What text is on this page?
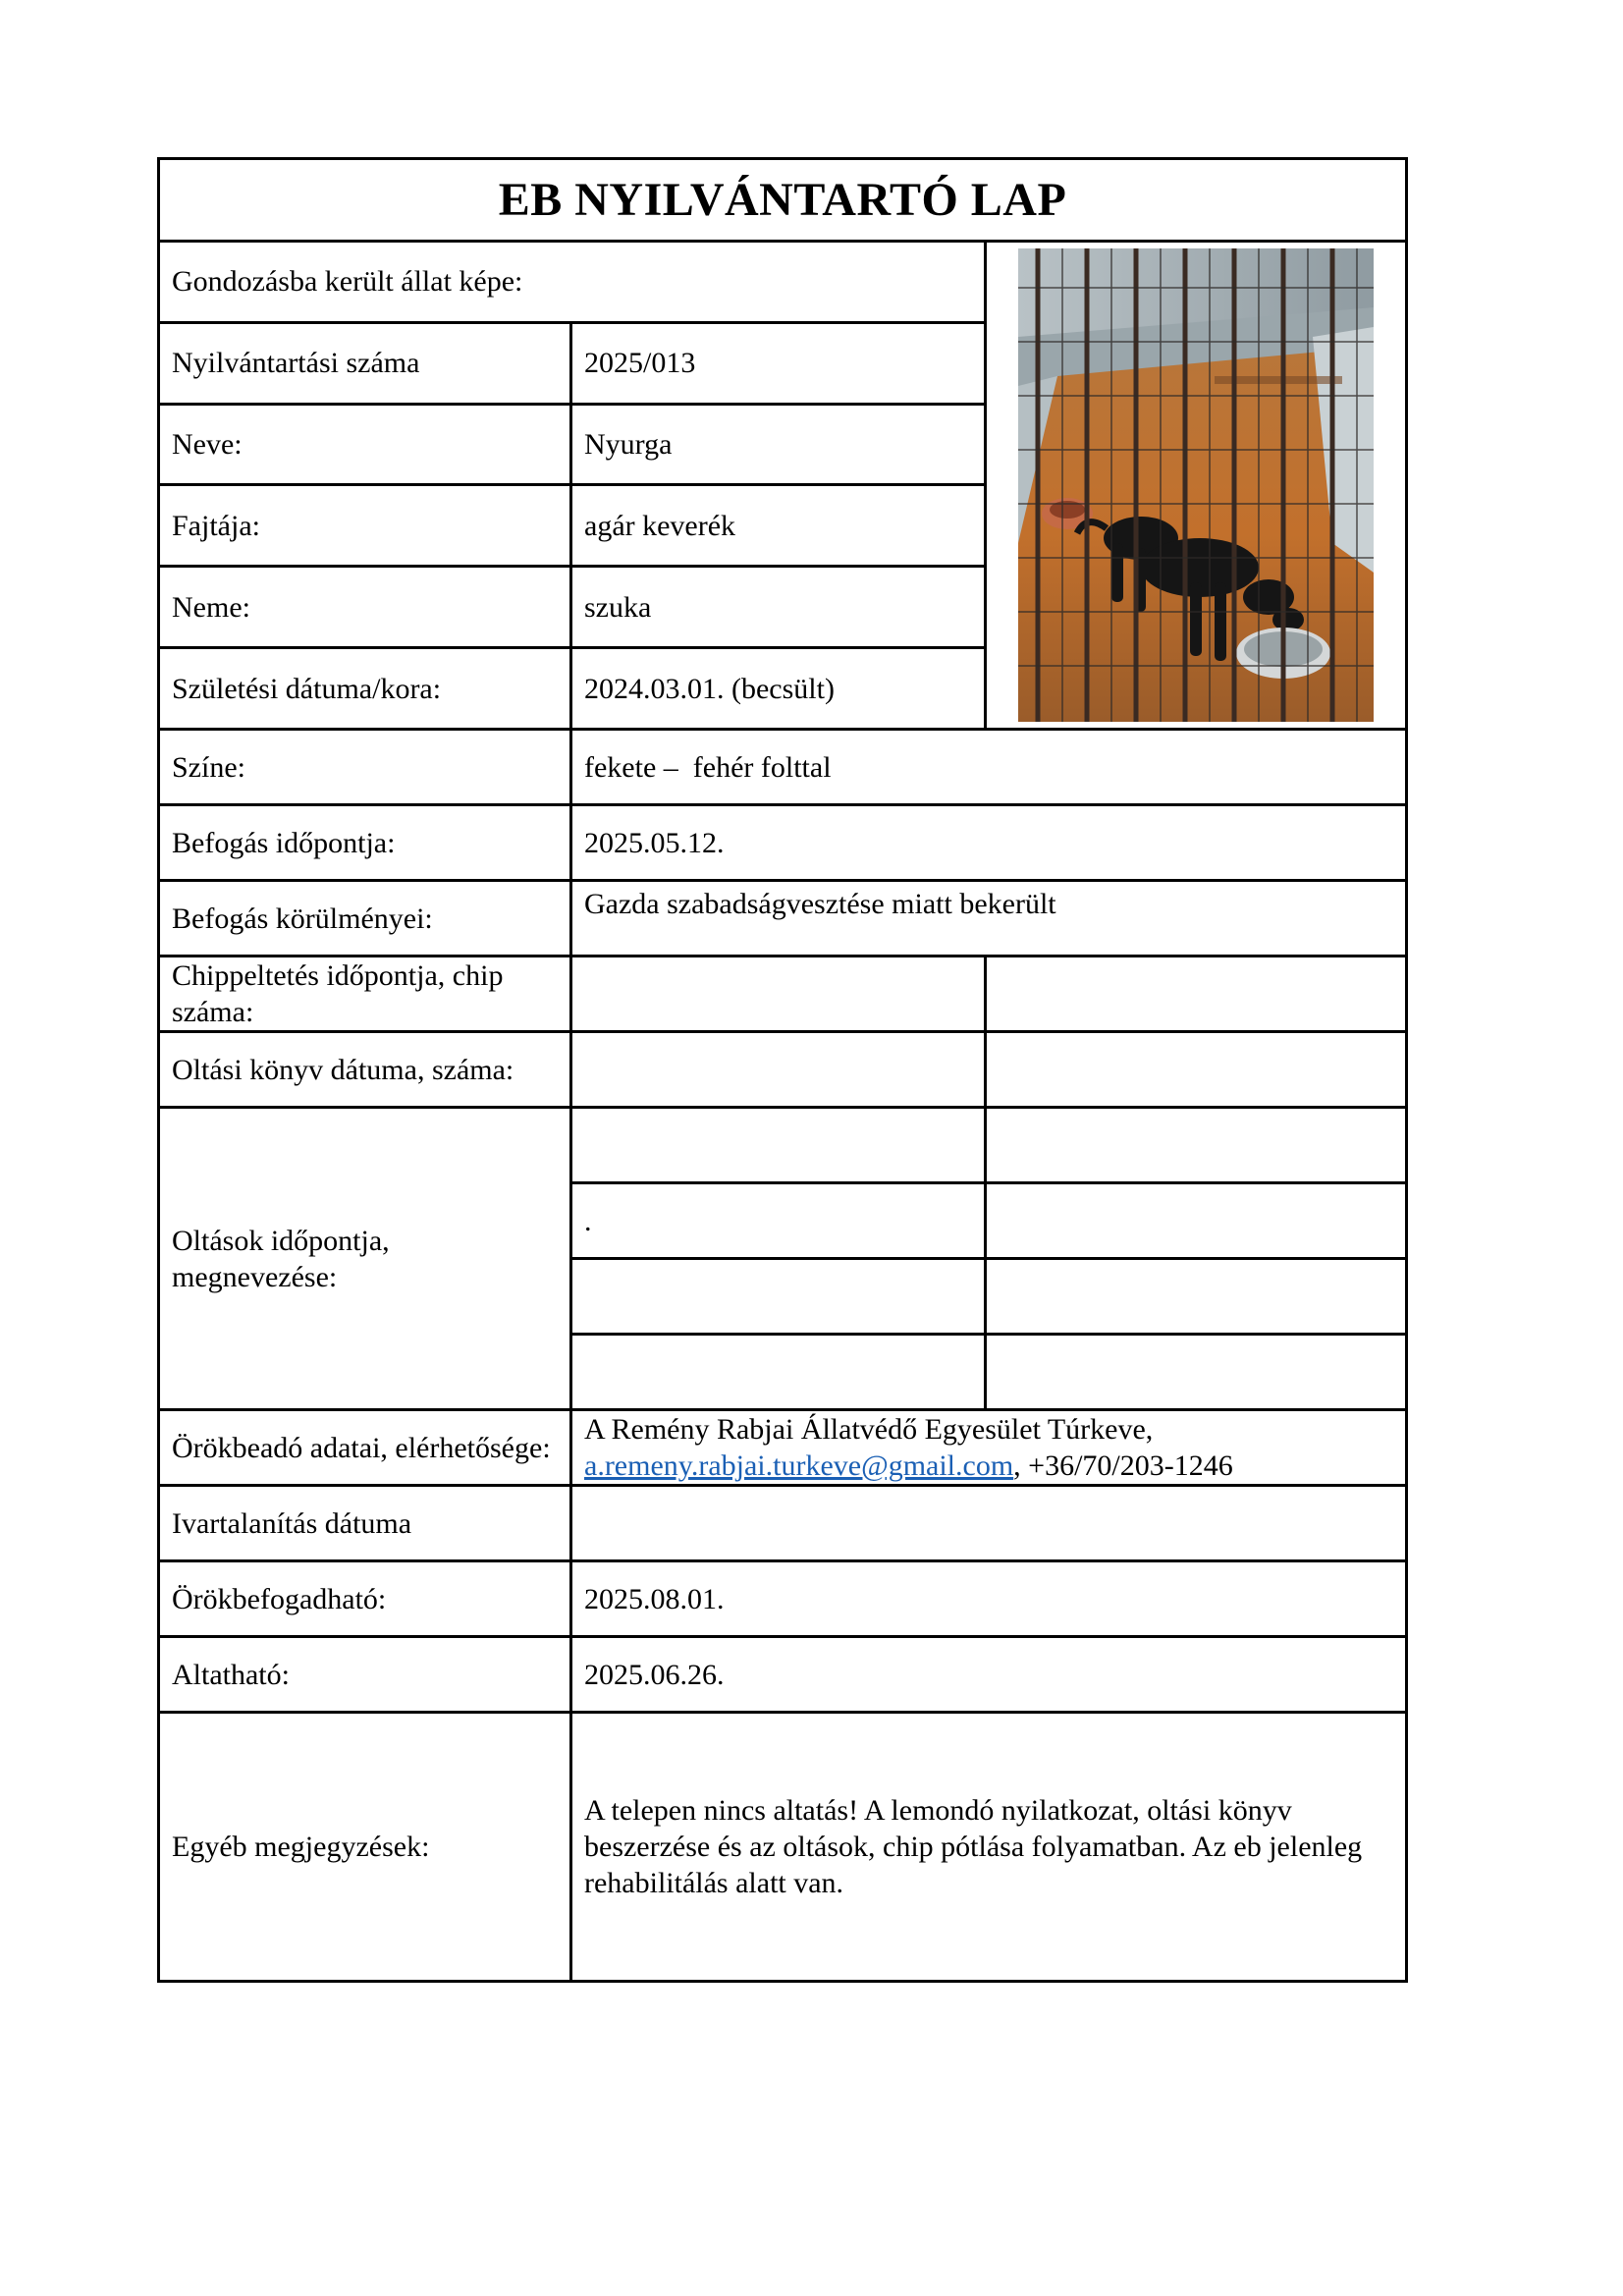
EB NYILVÁNTARTÓ LAP		
Gondozásba került állat képe:	

Nyilvántartási száma	2025/013	
Neve:	Nyurga	
Fajtája:	agár keverék	
Neme:	szuka	
Születési dátuma/kora:	2024.03.01. (becsült)	
Színe:	fekete –  fehér folttal	
Befogás időpontja:	2025.05.12.	
Befogás körülményei:	Gazda szabadságvesztése miatt bekerült	
Chippeltetés időpontja, chip száma:		
Oltási könyv dátuma, száma:		
Oltások időpontja, megnevezése:		
	.	

Örökbeadó adatai, elérhetősége:	A Remény Rabjai Állatvédő Egyesület Túrkeve,
a.remeny.rabjai.turkeve@gmail.com, +36/70/203-1246	
Ivartalanítás dátuma		
Örökbefogadható:	2025.08.01.	
Altatható:	2025.06.26.	
Egyéb megjegyzések:	A telepen nincs altatás! A lemondó nyilatkozat, oltási könyv beszerzése és az oltások, chip pótlása folyamatban. Az eb jelenleg rehabilitálás alatt van.	
